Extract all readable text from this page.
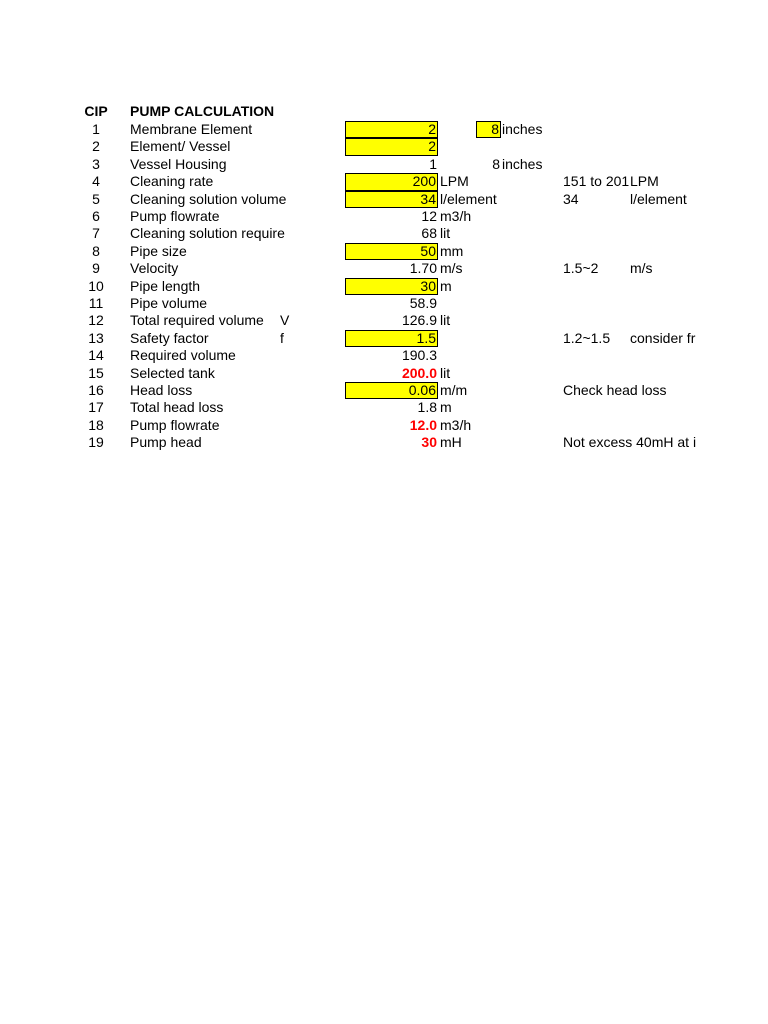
CIP	PUMP CALCULATION
1	Membrane Element	2	8 inches
2	Element/ Vessel	2
3	Vessel Housing	1	8 inches
4	Cleaning rate	200 LPM	151 to 201 LPM
5	Cleaning solution volume	34 l/element	34	l/element
6	Pump flowrate	12 m3/h
7	Cleaning solution require	68 lit
8	Pipe size	50 mm
9	Velocity	1.70 m/s	1.5~2	m/s
10	Pipe length	30 m
11	Pipe volume	58.9
12	Total required volume	V	126.9 lit
13	Safety factor	f	1.5	1.2~1.5	consider fr
14	Required volume	190.3
15	Selected tank	200.0 lit
16	Head loss	0.06 m/m	Check head loss
17	Total head loss	1.8 m
18	Pump flowrate	12.0 m3/h
19	Pump head	30 mH	Not excess 40mH at i
